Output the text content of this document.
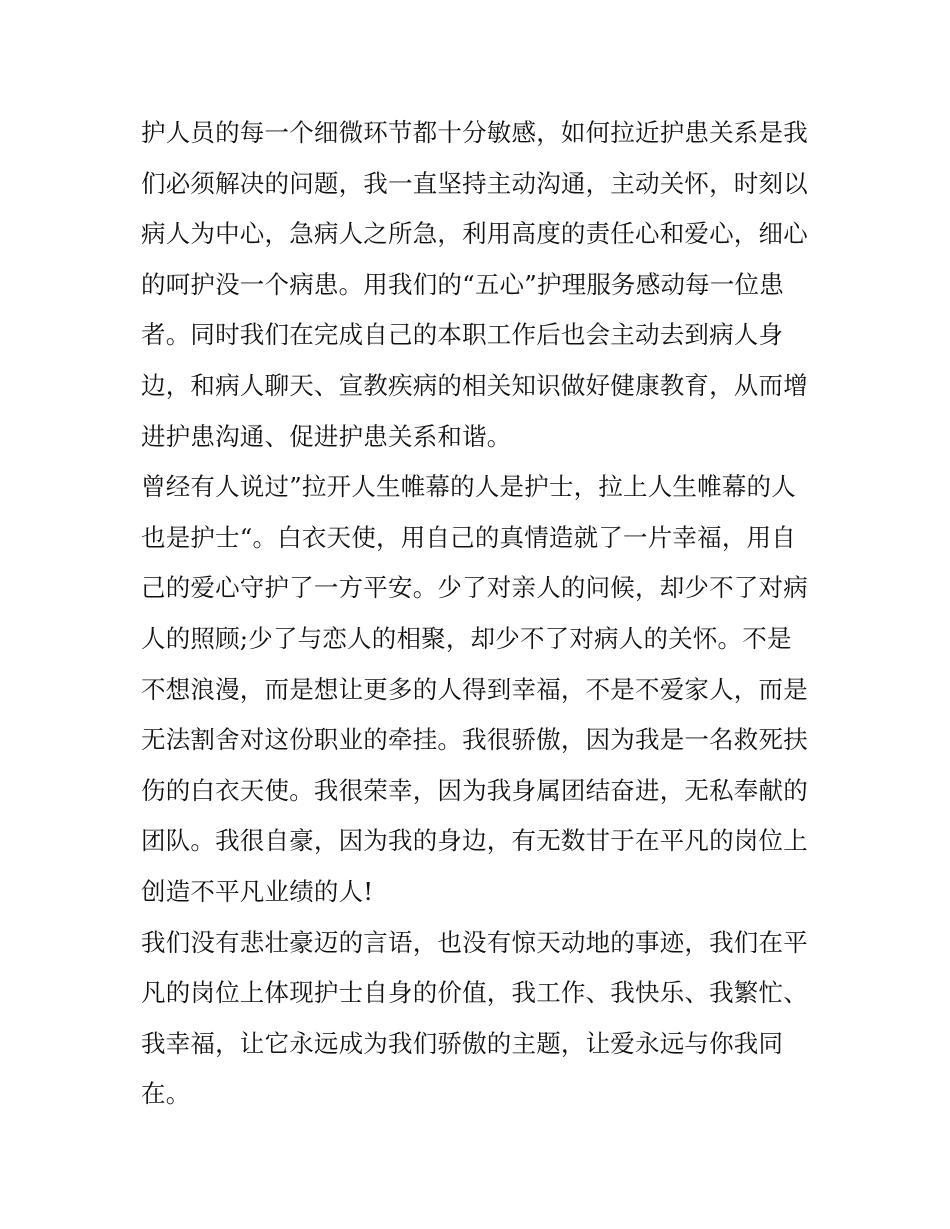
护人员的每一个细微环节都十分敏感，如何拉近护患关系是我
们必须解决的问题，我一直坚持主动沟通，主动关怀，时刻以
病人为中心，急病人之所急，利用高度的责任心和爱心，细心
的呵护没一个病患。用我们的“五心”护理服务感动每一位患
者。同时我们在完成自己的本职工作后也会主动去到病人身
边，和病人聊天、宣教疾病的相关知识做好健康教育，从而增
进护患沟通、促进护患关系和谐。
曾经有人说过”拉开人生帷幕的人是护士，拉上人生帷幕的人
也是护士“。白衣天使，用自己的真情造就了一片幸福，用自
己的爱心守护了一方平安。少了对亲人的问候，却少不了对病
人的照顾;少了与恋人的相聚，却少不了对病人的关怀。不是
不想浪漫，而是想让更多的人得到幸福，不是不爱家人，而是
无法割舍对这份职业的牵挂。我很骄傲，因为我是一名救死扶
伤的白衣天使。我很荣幸，因为我身属团结奋进，无私奉献的
团队。我很自豪，因为我的身边，有无数甘于在平凡的岗位上
创造不平凡业绩的人!
我们没有悲壮豪迈的言语，也没有惊天动地的事迹，我们在平
凡的岗位上体现护士自身的价值，我工作、我快乐、我繁忙、
我幸福，让它永远成为我们骄傲的主题，让爱永远与你我同
在。
